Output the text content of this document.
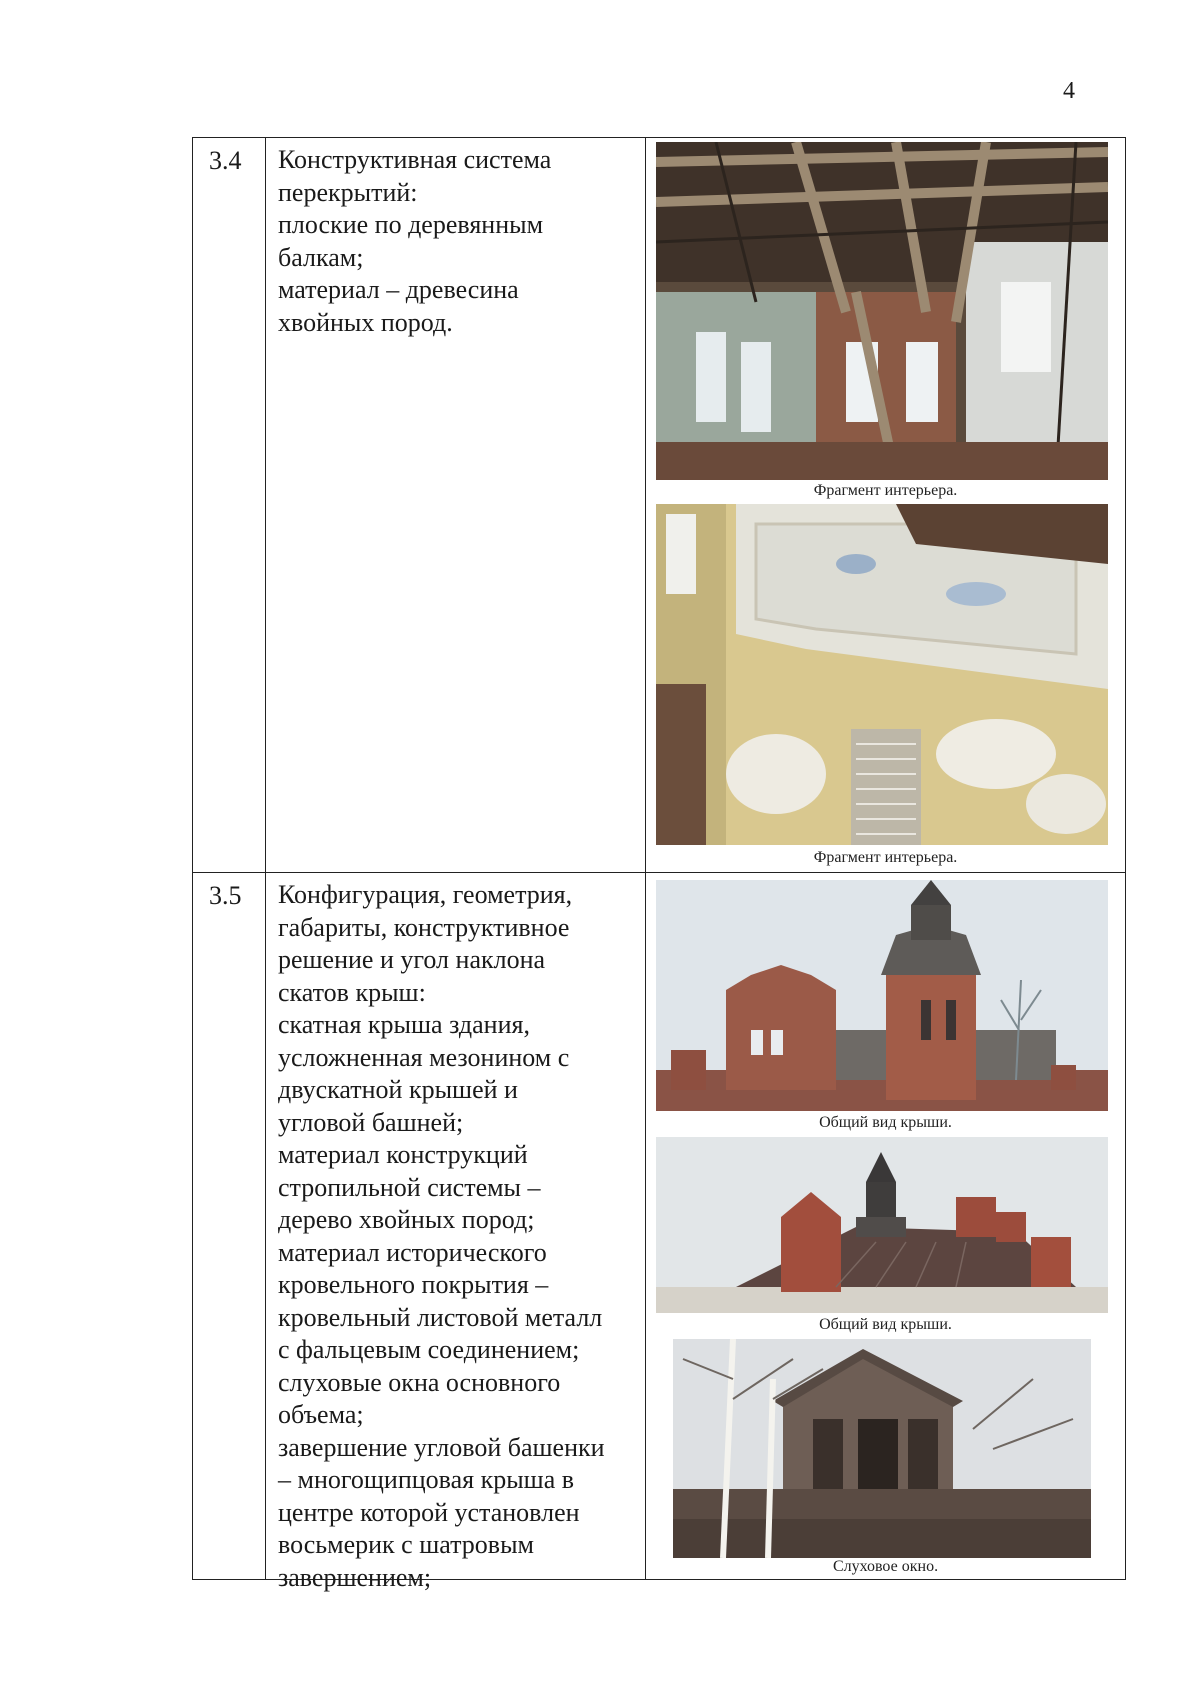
4
3.4	Конструктивная система
перекрытий:
плоские по деревянным
балкам;
материал – древесина
хвойных пород.
Фрагмент интерьера.
Фрагмент интерьера.
3.5	Конфигурация, геометрия,
габариты, конструктивное
решение и угол наклона
скатов крыш:
скатная крыша здания,
усложненная мезонином с
двускатной крышей и
угловой башней;
материал конструкций
стропильной системы –
дерево хвойных пород;
материал исторического
кровельного покрытия –
кровельный листовой металл
с фальцевым соединением;
слуховые окна основного
объема;
завершение угловой башенки
– многощипцовая крыша в
центре которой установлен
восьмерик с шатровым
завершением;
Общий вид крыши.
Общий вид крыши.
Слуховое окно.
